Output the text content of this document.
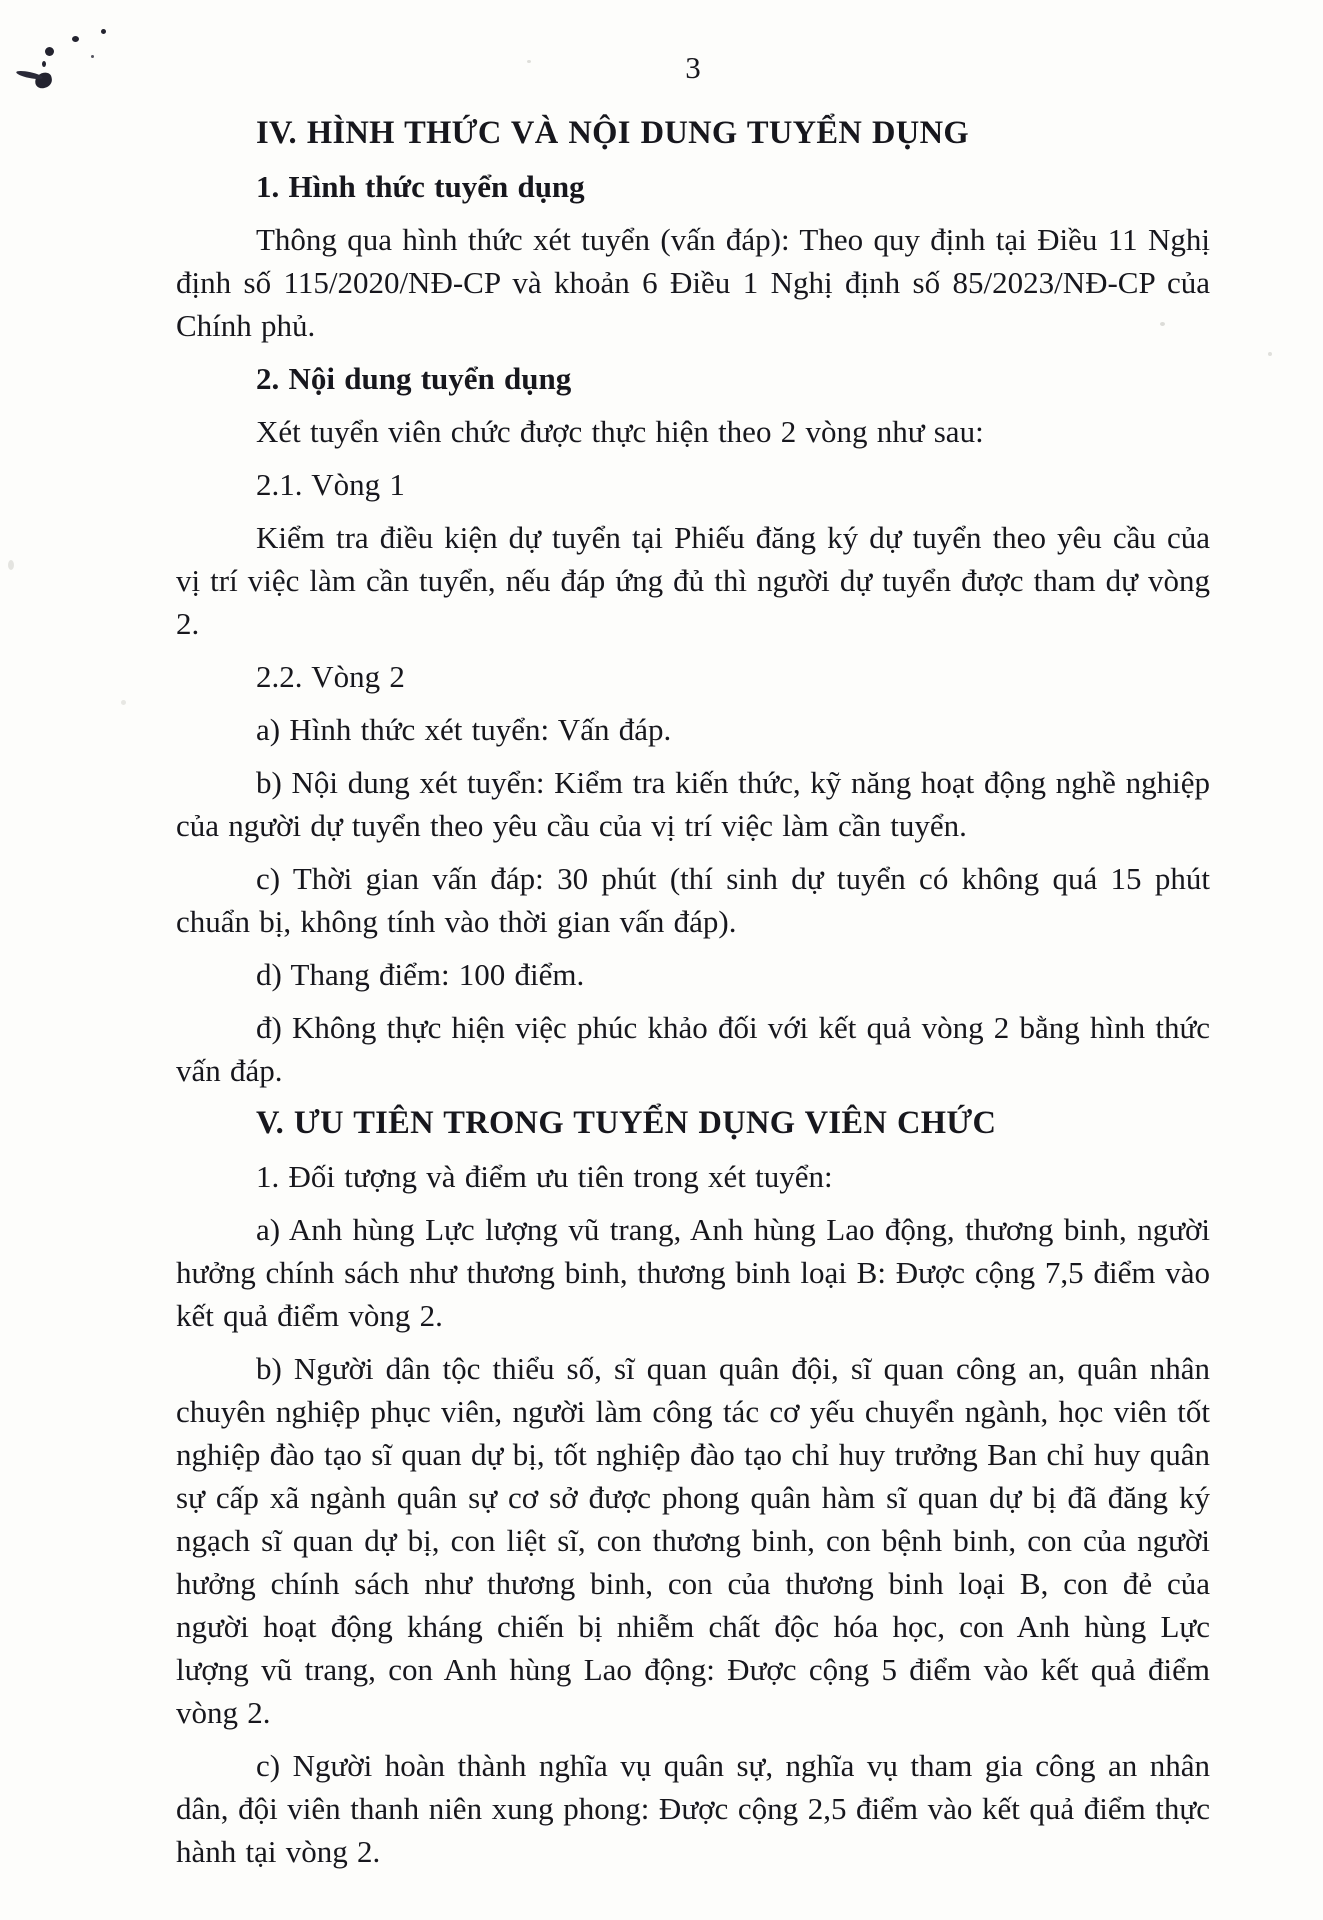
3

IV. HÌNH THỨC VÀ NỘI DUNG TUYỂN DỤNG

1. Hình thức tuyển dụng

Thông qua hình thức xét tuyển (vấn đáp): Theo quy định tại Điều 11 Nghị định số 115/2020/NĐ-CP và khoản 6 Điều 1 Nghị định số 85/2023/NĐ-CP của Chính phủ.

2. Nội dung tuyển dụng

Xét tuyển viên chức được thực hiện theo 2 vòng như sau:

2.1. Vòng 1

Kiểm tra điều kiện dự tuyển tại Phiếu đăng ký dự tuyển theo yêu cầu của vị trí việc làm cần tuyển, nếu đáp ứng đủ thì người dự tuyển được tham dự vòng 2.

2.2. Vòng 2

a) Hình thức xét tuyển: Vấn đáp.

b) Nội dung xét tuyển: Kiểm tra kiến thức, kỹ năng hoạt động nghề nghiệp của người dự tuyển theo yêu cầu của vị trí việc làm cần tuyển.

c) Thời gian vấn đáp: 30 phút (thí sinh dự tuyển có không quá 15 phút chuẩn bị, không tính vào thời gian vấn đáp).

d) Thang điểm: 100 điểm.

đ) Không thực hiện việc phúc khảo đối với kết quả vòng 2 bằng hình thức vấn đáp.

V. ƯU TIÊN TRONG TUYỂN DỤNG VIÊN CHỨC

1. Đối tượng và điểm ưu tiên trong xét tuyển:

a) Anh hùng Lực lượng vũ trang, Anh hùng Lao động, thương binh, người hưởng chính sách như thương binh, thương binh loại B: Được cộng 7,5 điểm vào kết quả điểm vòng 2.

b) Người dân tộc thiểu số, sĩ quan quân đội, sĩ quan công an, quân nhân chuyên nghiệp phục viên, người làm công tác cơ yếu chuyển ngành, học viên tốt nghiệp đào tạo sĩ quan dự bị, tốt nghiệp đào tạo chỉ huy trưởng Ban chỉ huy quân sự cấp xã ngành quân sự cơ sở được phong quân hàm sĩ quan dự bị đã đăng ký ngạch sĩ quan dự bị, con liệt sĩ, con thương binh, con bệnh binh, con của người hưởng chính sách như thương binh, con của thương binh loại B, con đẻ của người hoạt động kháng chiến bị nhiễm chất độc hóa học, con Anh hùng Lực lượng vũ trang, con Anh hùng Lao động: Được cộng 5 điểm vào kết quả điểm vòng 2.

c) Người hoàn thành nghĩa vụ quân sự, nghĩa vụ tham gia công an nhân dân, đội viên thanh niên xung phong: Được cộng 2,5 điểm vào kết quả điểm thực hành tại vòng 2.
